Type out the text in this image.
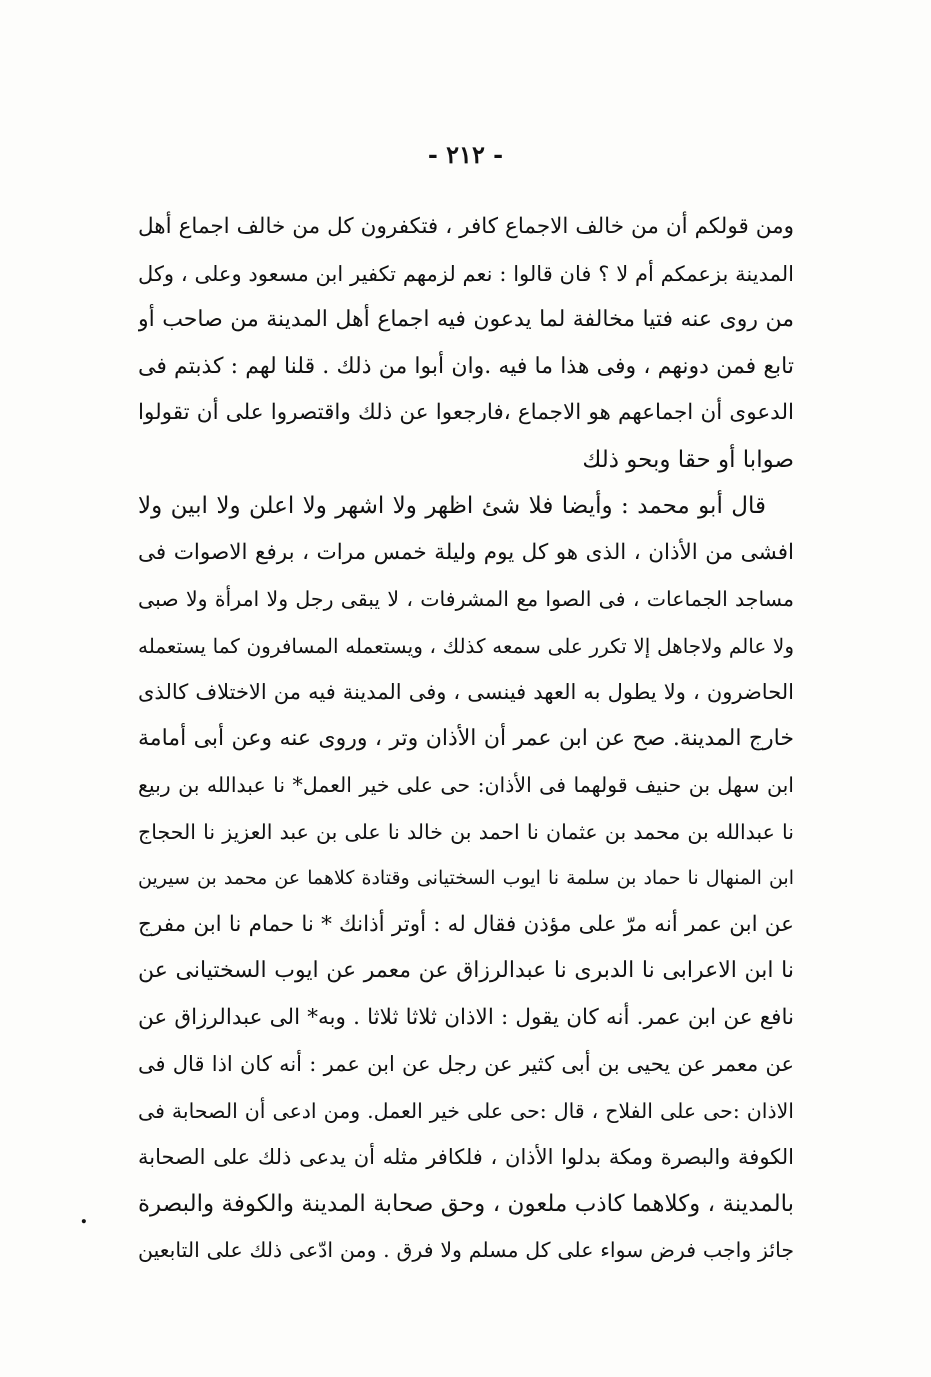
- ٢١٢ -
ومن قولكم أن من خالف الاجماع كافر ، فتكفرون كل من خالف اجماع أهل
المدينة بزعمكم أم لا ؟ فان قالوا : نعم لزمهم تكفير ابن مسعود وعلى ، وكل
من روى عنه فتيا مخالفة لما يدعون فيه اجماع أهل المدينة من صاحب أو
تابع فمن دونهم ، وفى هذا ما فيه .وان أبوا من ذلك . قلنا لهم : كذبتم فى
الدعوى أن اجماعهم هو الاجماع ،فارجعوا عن ذلك واقتصروا على أن تقولوا
صوابا أو حقا وبحو ذلك
قال أبو محمد : وأيضا فلا شئ اظهر ولا اشهر ولا اعلن ولا ابين ولا
افشى من الأذان ، الذى هو كل يوم وليلة خمس مرات ، برفع الاصوات فى
مساجد الجماعات ، فى الصوا مع المشرفات ، لا يبقى رجل ولا امرأة ولا صبى
ولا عالم ولاجاهل إلا تكرر على سمعه كذلك ، ويستعمله المسافرون كما يستعمله
الحاضرون ، ولا يطول به العهد فينسى ، وفى المدينة فيه من الاختلاف كالذى
خارج المدينة. صح عن ابن عمر أن الأذان وتر ، وروى عنه وعن أبى أمامة
ابن سهل بن حنيف قولهما فى الأذان: حى على خير العمل* نا عبدالله بن ربيع
نا عبدالله بن محمد بن عثمان نا احمد بن خالد نا على بن عبد العزيز نا الحجاج
ابن المنهال نا حماد بن سلمة نا ايوب السختيانى وقتادة كلاهما عن محمد بن سيرين
عن ابن عمر أنه مرّ على مؤذن فقال له : أوتر أذانك * نا حمام نا ابن مفرج
نا ابن الاعرابى نا الدبرى نا عبدالرزاق عن معمر عن ايوب السختيانى عن
نافع عن ابن عمر. أنه كان يقول : الاذان ثلاثا ثلاثا . وبه* الى عبدالرزاق عن
عن معمر عن يحيى بن أبى كثير عن رجل عن ابن عمر : أنه كان اذا قال فى
الاذان :حى على الفلاح ، قال :حى على خير العمل. ومن ادعى أن الصحابة فى
الكوفة والبصرة ومكة بدلوا الأذان ، فلكافر مثله أن يدعى ذلك على الصحابة
بالمدينة ، وكلاهما كاذب ملعون ، وحق صحابة المدينة والكوفة والبصرة
جائز واجب فرض سواء على كل مسلم ولا فرق . ومن ادّعى ذلك على التابعين
.
